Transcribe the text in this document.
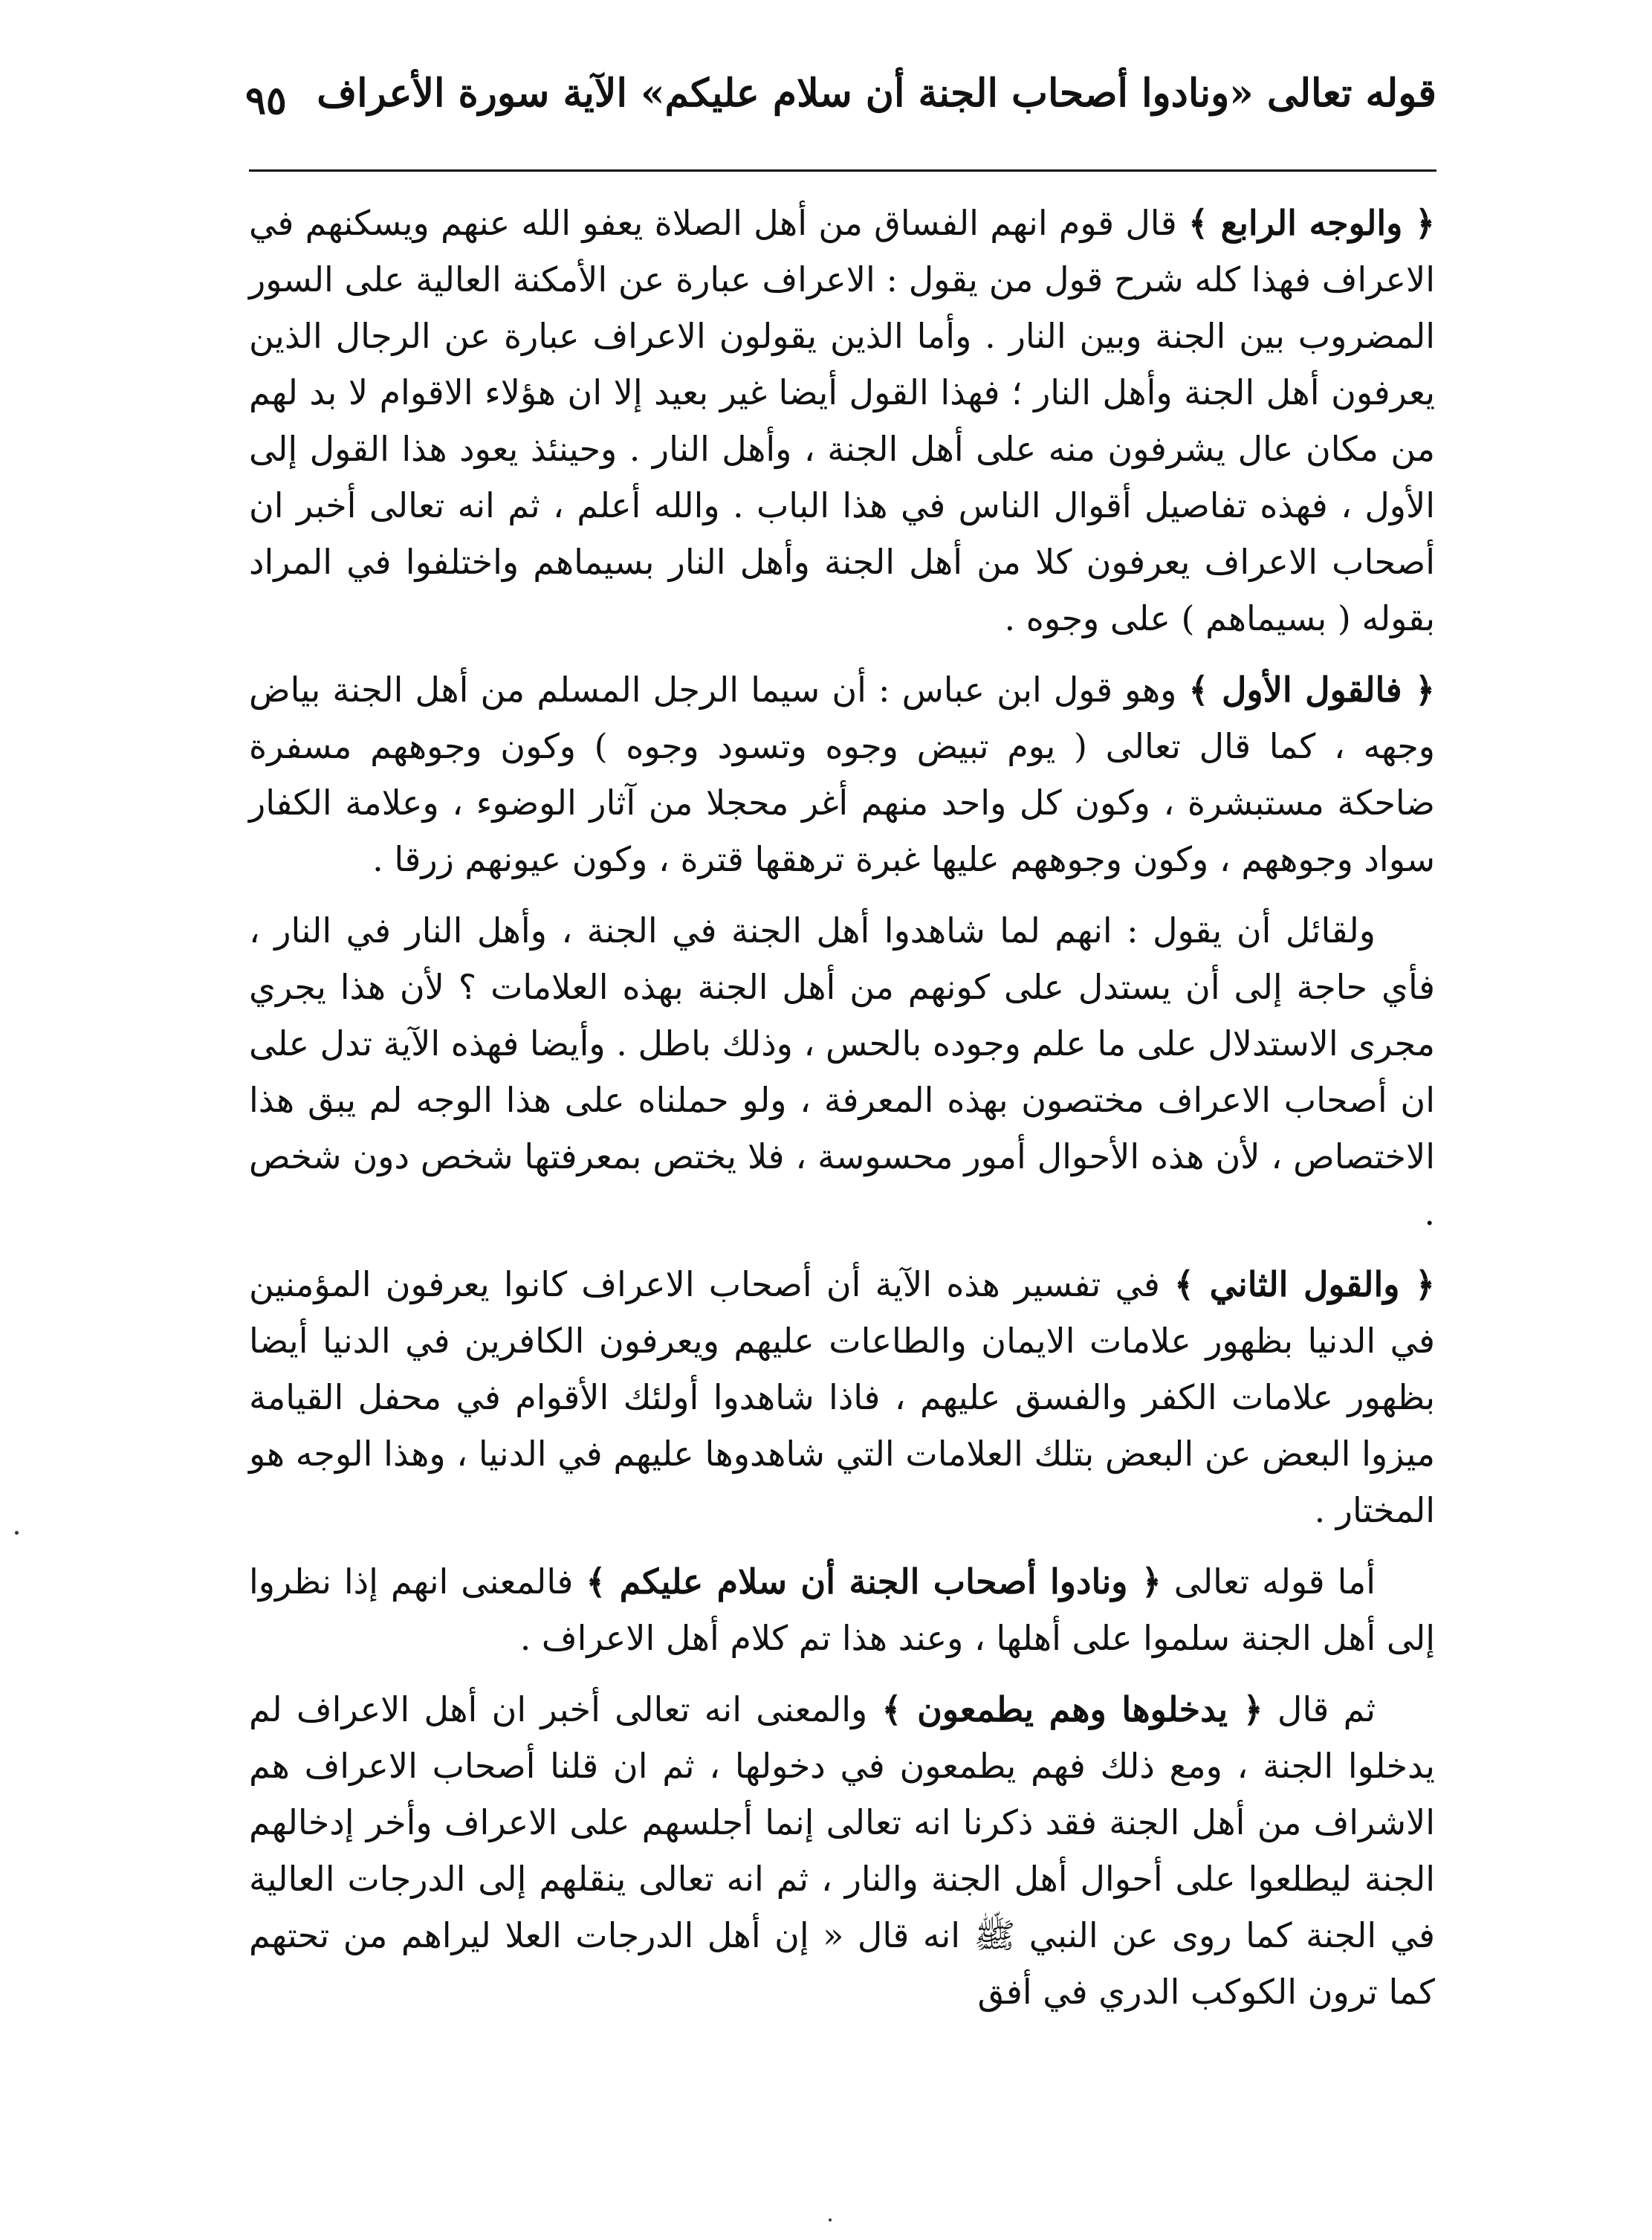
٩٥ قوله تعالى «ونادوا أصحاب الجنة أن سلام عليكم» الآية سورة الأعراف

﴿ والوجه الرابع ﴾ قال قوم انهم الفساق من أهل الصلاة يعفو الله عنهم ويسكنهم في الاعراف فهذا كله شرح قول من يقول : الاعراف عبارة عن الأمكنة العالية على السور المضروب بين الجنة وبين النار . وأما الذين يقولون الاعراف عبارة عن الرجال الذين يعرفون أهل الجنة وأهل النار ؛ فهذا القول أيضا غير بعيد إلا ان هؤلاء الاقوام لا بد لهم من مكان عال يشرفون منه على أهل الجنة ، وأهل النار . وحينئذ يعود هذا القول إلى الأول ، فهذه تفاصيل أقوال الناس في هذا الباب . والله أعلم ، ثم انه تعالى أخبر ان أصحاب الاعراف يعرفون كلا من أهل الجنة وأهل النار بسيماهم واختلفوا في المراد بقوله ( بسيماهم ) على وجوه .

﴿ فالقول الأول ﴾ وهو قول ابن عباس : أن سيما الرجل المسلم من أهل الجنة بياض وجهه ، كما قال تعالى ( يوم تبيض وجوه وتسود وجوه ) وكون وجوههم مسفرة ضاحكة مستبشرة ، وكون كل واحد منهم أغر محجلا من آثار الوضوء ، وعلامة الكفار سواد وجوههم ، وكون وجوههم عليها غبرة ترهقها قترة ، وكون عيونهم زرقا .

ولقائل أن يقول : انهم لما شاهدوا أهل الجنة في الجنة ، وأهل النار في النار ، فأي حاجة إلى أن يستدل على كونهم من أهل الجنة بهذه العلامات ؟ لأن هذا يجري مجرى الاستدلال على ما علم وجوده بالحس ، وذلك باطل . وأيضا فهذه الآية تدل على ان أصحاب الاعراف مختصون بهذه المعرفة ، ولو حملناه على هذا الوجه لم يبق هذا الاختصاص ، لأن هذه الأحوال أمور محسوسة ، فلا يختص بمعرفتها شخص دون شخص .

﴿ والقول الثاني ﴾ في تفسير هذه الآية أن أصحاب الاعراف كانوا يعرفون المؤمنين في الدنيا بظهور علامات الايمان والطاعات عليهم ويعرفون الكافرين في الدنيا أيضا بظهور علامات الكفر والفسق عليهم ، فاذا شاهدوا أولئك الأقوام في محفل القيامة ميزوا البعض عن البعض بتلك العلامات التي شاهدوها عليهم في الدنيا ، وهذا الوجه هو المختار .

أما قوله تعالى ﴿ ونادوا أصحاب الجنة أن سلام عليكم ﴾ فالمعنى انهم إذا نظروا إلى أهل الجنة سلموا على أهلها ، وعند هذا تم كلام أهل الاعراف .

ثم قال ﴿ يدخلوها وهم يطمعون ﴾ والمعنى انه تعالى أخبر ان أهل الاعراف لم يدخلوا الجنة ، ومع ذلك فهم يطمعون في دخولها ، ثم ان قلنا أصحاب الاعراف هم الاشراف من أهل الجنة فقد ذكرنا انه تعالى إنما أجلسهم على الاعراف وأخر إدخالهم الجنة ليطلعوا على أحوال أهل الجنة والنار ، ثم انه تعالى ينقلهم إلى الدرجات العالية في الجنة كما روى عن النبي ﷺ انه قال « إن أهل الدرجات العلا ليراهم من تحتهم كما ترون الكوكب الدري في أفق
